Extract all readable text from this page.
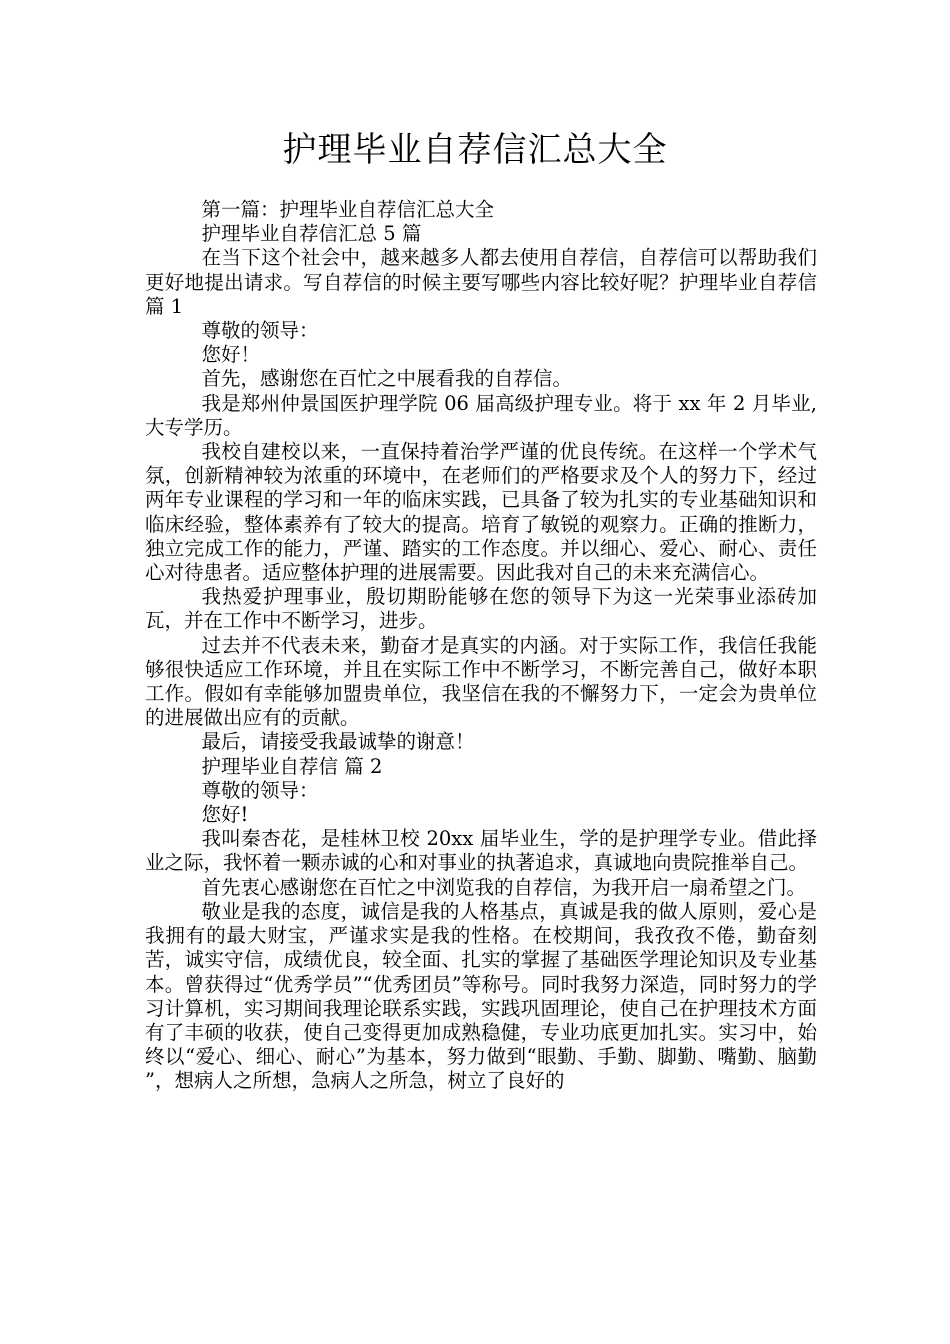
护理毕业自荐信汇总大全

第一篇：护理毕业自荐信汇总大全

护理毕业自荐信汇总 5 篇

在当下这个社会中，越来越多人都去使用自荐信，自荐信可以帮助我们更好地提出请求。写自荐信的时候主要写哪些内容比较好呢？护理毕业自荐信 篇 1

尊敬的领导：

您好！

首先，感谢您在百忙之中展看我的自荐信。

我是郑州仲景国医护理学院 06 届高级护理专业。将于 xx 年 2 月毕业,大专学历。

我校自建校以来，一直保持着治学严谨的优良传统。在这样一个学术气氛，创新精神较为浓重的环境中，在老师们的严格要求及个人的努力下，经过两年专业课程的学习和一年的临床实践，已具备了较为扎实的专业基础知识和临床经验，整体素养有了较大的提高。培育了敏锐的观察力。正确的推断力，独立完成工作的能力，严谨、踏实的工作态度。并以细心、爱心、耐心、责任心对待患者。适应整体护理的进展需要。因此我对自己的未来充满信心。

我热爱护理事业，殷切期盼能够在您的领导下为这一光荣事业添砖加瓦，并在工作中不断学习，进步。

过去并不代表未来，勤奋才是真实的内涵。对于实际工作，我信任我能够很快适应工作环境，并且在实际工作中不断学习，不断完善自己，做好本职工作。假如有幸能够加盟贵单位，我坚信在我的不懈努力下，一定会为贵单位的进展做出应有的贡献。

最后，请接受我最诚挚的谢意！

护理毕业自荐信 篇 2

尊敬的领导：

您好!

我叫秦杏花，是桂林卫校 20xx 届毕业生，学的是护理学专业。借此择业之际，我怀着一颗赤诚的心和对事业的执著追求，真诚地向贵院推举自己。

首先衷心感谢您在百忙之中浏览我的自荐信，为我开启一扇希望之门。

敬业是我的态度，诚信是我的人格基点，真诚是我的做人原则，爱心是我拥有的最大财宝，严谨求实是我的性格。在校期间，我孜孜不倦，勤奋刻苦，诚实守信，成绩优良，较全面、扎实的掌握了基础医学理论知识及专业基本。曾获得过“优秀学员”“优秀团员”等称号。同时我努力深造，同时努力的学习计算机，实习期间我理论联系实践，实践巩固理论，使自己在护理技术方面有了丰硕的收获，使自己变得更加成熟稳健，专业功底更加扎实。实习中，始终以“爱心、细心、耐心”为基本，努力做到“眼勤、手勤、脚勤、嘴勤、脑勤 ”，想病人之所想，急病人之所急，树立了良好的
